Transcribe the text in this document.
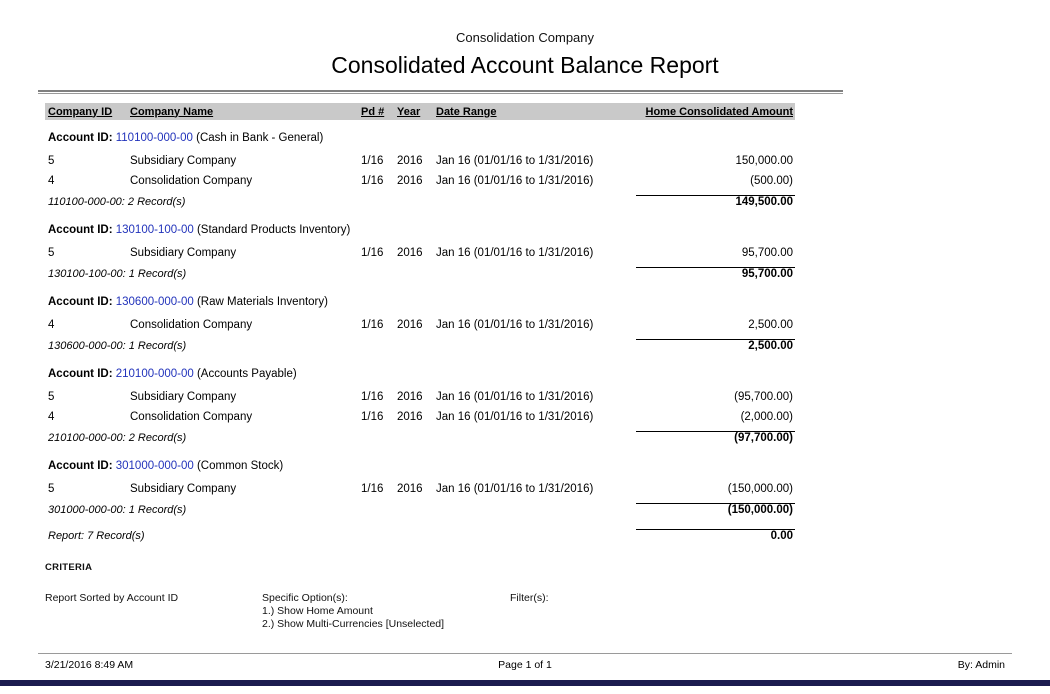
Consolidation Company
Consolidated Account Balance Report
Company ID	Company Name	Pd #	Year	Date Range	Home Consolidated Amount
Account ID: 110100-000-00 (Cash in Bank - General)
5	Subsidiary Company	1/16	2016	Jan 16 (01/01/16 to 1/31/2016)	150,000.00
4	Consolidation Company	1/16	2016	Jan 16 (01/01/16 to 1/31/2016)	(500.00)
110100-000-00: 2 Record(s)	149,500.00
Account ID: 130100-100-00 (Standard Products Inventory)
5	Subsidiary Company	1/16	2016	Jan 16 (01/01/16 to 1/31/2016)	95,700.00
130100-100-00: 1 Record(s)	95,700.00
Account ID: 130600-000-00 (Raw Materials Inventory)
4	Consolidation Company	1/16	2016	Jan 16 (01/01/16 to 1/31/2016)	2,500.00
130600-000-00: 1 Record(s)	2,500.00
Account ID: 210100-000-00 (Accounts Payable)
5	Subsidiary Company	1/16	2016	Jan 16 (01/01/16 to 1/31/2016)	(95,700.00)
4	Consolidation Company	1/16	2016	Jan 16 (01/01/16 to 1/31/2016)	(2,000.00)
210100-000-00: 2 Record(s)	(97,700.00)
Account ID: 301000-000-00 (Common Stock)
5	Subsidiary Company	1/16	2016	Jan 16 (01/01/16 to 1/31/2016)	(150,000.00)
301000-000-00: 1 Record(s)	(150,000.00)
Report: 7 Record(s)	0.00
CRITERIA
Report Sorted by Account ID	Specific Option(s):
1.) Show Home Amount
2.) Show Multi-Currencies [Unselected]
Filter(s):
3/21/2016 8:49 AM	Page 1 of 1	By: Admin
